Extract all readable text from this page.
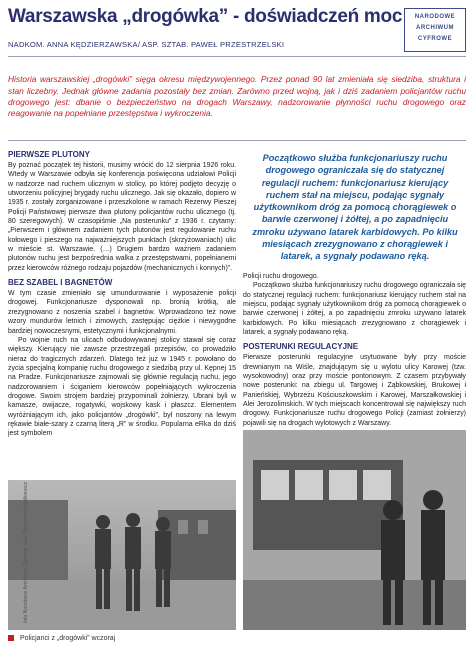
Warszawska „drogówka” - doświadczeń moc	NARODOWE
ARCHIWUM
CYFROWE
NADKOM. ANNA KĘDZIERZAWSKA/ ASP. SZTAB. PAWEŁ PRZESTRZELSKI

Historia warszawskiej „drogówki” sięga okresu międzywojennego. Przez ponad 90 lat zmieniała się siedziba, struktura i stan liczebny. Jednak główne zadania pozostały bez zmian. Zarówno przed wojną, jak i dziś zadaniem policjantów ruchu drogowego jest: dbanie o bezpieczeństwo na drogach Warszawy, nadzorowanie płynności ruchu drogowego oraz reagowanie na popełniane przestępstwa i wykroczenia.

PIERWSZE PLUTONY

By poznać początek tej historii, musimy wrócić do 12 sierpnia 1926 roku. Wtedy w Warszawie odbyła się konferencja poświęcona udziałowi Policji w nadzorze nad ruchem ulicznym w stolicy, po której podjęto decyzję o utworzeniu policyjnej brygady ruchu ulicznego. Jak się okazało, dopiero w 1935 r. zostały zorganizowane i przeszkolone w ramach Rezerwy Pieszej Policji Państwowej pierwsze dwa plutony policjantów ruchu ulicznego (tj. 80 szeregowych). W czasopiśmie „Na posterunku” z 1936 r. czytamy: „Pierwszem i głównem zadaniem tych plutonów jest regulowanie ruchu kołowego i pieszego na najważniejszych punktach (skrzyżowaniach) ulic w mieście st. Warszawie. (…) Drugiem bardzo ważnem zadaniem plutonów ruchu jest bezpośrednia walka z przestępstwami, popełnianemi przez kierowców różnego rodzaju pojazdów (mechanicznych i konnych)”.

BEZ SZABEL I BAGNETÓW

W tym czasie zmieniało się umundurowanie i wyposażenie policji drogowej. Funkcjonariusze dysponowali np. bronią krótką, ale zrezygnowano z noszenia szabel i bagnetów. Wprowadzono też nowe wzory mundurów letnich i zimowych, zastępując ciężkie i niewygodne bardziej nowoczesnymi, estetycznymi i funkcjonalnymi.

Po wojnie ruch na ulicach odbudowywanej stolicy stawał się coraz większy. Kierujący nie zawsze przestrzegali przepisów, co prowadziło nieraz do tragicznych zdarzeń. Dlatego też już w 1945 r. powołano do życia specjalną kompanię ruchu drogowego z siedzibą przy ul. Kępnej 15 na Pradze. Funkcjonariusze zajmowali się głównie regulacją ruchu, jego nadzorowaniem i ściganiem kierowców popełniających wykroczenia drogowe. Swoim strojem bardziej przypominali żołnierzy. Ubrani byli w kamasze, owijacze, rogatywki, wojskowy kask i płaszcz. Elementem wyróżniającym ich, jako policjantów „drogówki”, był noszony na lewym rękawie białe-szary z czarną literą „R” w środku. Popularna eRka do dziś jest symbolem

Początkowo służba funkcjonariuszy ruchu drogowego ograniczała się do statycznej regulacji ruchem: funkcjonariusz kierujący ruchem stał na miejscu, podając sygnały użytkownikom dróg za pomocą chorągiewek o barwie czerwonej i żółtej, a po zapadnięciu zmroku używano latarek karbidowych. Po kilku miesiącach zrezygnowano z chorągiewek i latarek, a sygnały podawano ręką.

Policji ruchu drogowego.

Początkowo służba funkcjonariuszy ruchu drogowego ograniczała się do statycznej regulacji ruchem: funkcjonariusz kierujący ruchem stał na miejscu, podając sygnały użytkownikom dróg za pomocą chorągiewek o barwie czerwonej i żółtej, a po zapadnięciu zmroku używano latarek karbidowych. Po kilku miesiącach zrezygnowano z chorągiewek i latarek, a sygnały podawano ręką.

POSTERUNKI REGULACYJNE

Pierwsze posterunki regulacyjne usytuowane były przy moście drewnianym na Wiśle, znajdującym się u wylotu ulicy Karowej (tzw. wysokowodny) oraz przy moście pontonowym. Z czasem przybywały nowe posterunki: na zbiegu ul. Targowej i Ząbkowskiej, Brukowej i Panieńskiej, Wybrzeżu Kościuszkowskim i Karowej, Marszałkowskiej i Alei Jerozolimskich. W tych miejscach koncentrował się największy ruch drogowy. Funkcjonariusze ruchu drogowego Policji (zamiast żołnierzy) pojawili się na drogach wylotowych z Warszawy.

foto Narodowe Archiwum Cyfrowe, Ewa Szymańska-Siółkiewicz
Policjanci z „drogówki” wczoraj
